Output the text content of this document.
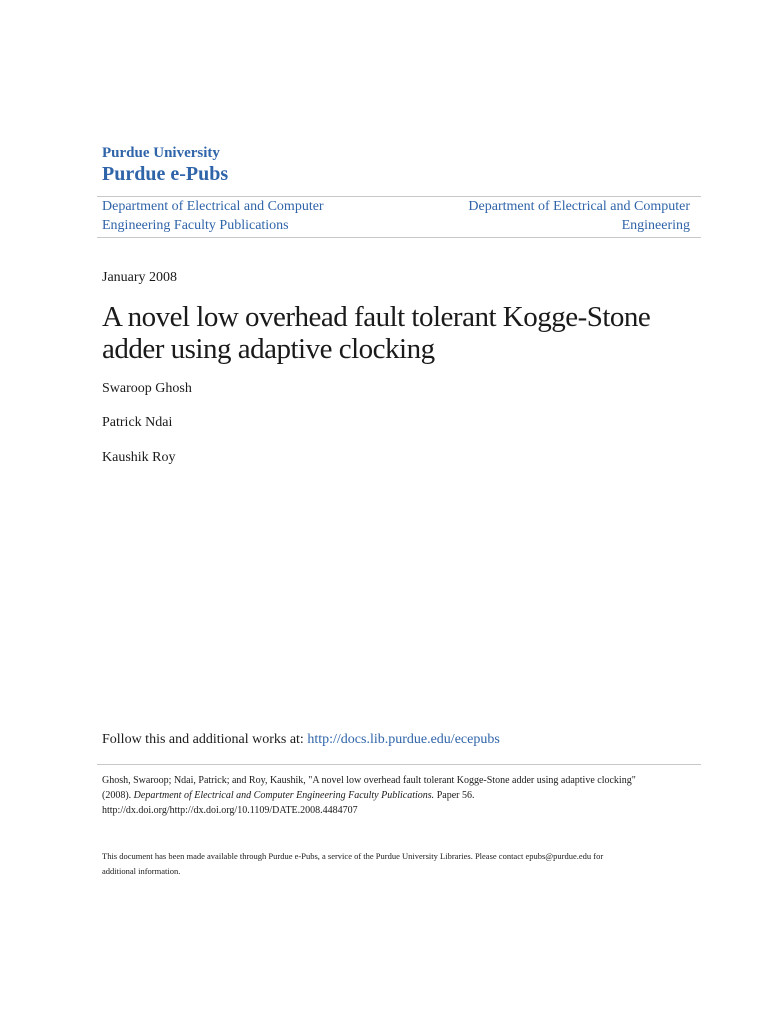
Purdue University
Purdue e-Pubs
Department of Electrical and Computer
Engineering Faculty Publications
Department of Electrical and Computer
Engineering
January 2008
A novel low overhead fault tolerant Kogge-Stone
adder using adaptive clocking
Swaroop Ghosh
Patrick Ndai
Kaushik Roy
Follow this and additional works at: http://docs.lib.purdue.edu/ecepubs
Ghosh, Swaroop; Ndai, Patrick; and Roy, Kaushik, "A novel low overhead fault tolerant Kogge-Stone adder using adaptive clocking"
(2008). Department of Electrical and Computer Engineering Faculty Publications. Paper 56.
http://dx.doi.org/http://dx.doi.org/10.1109/DATE.2008.4484707
This document has been made available through Purdue e-Pubs, a service of the Purdue University Libraries. Please contact epubs@purdue.edu for
additional information.
